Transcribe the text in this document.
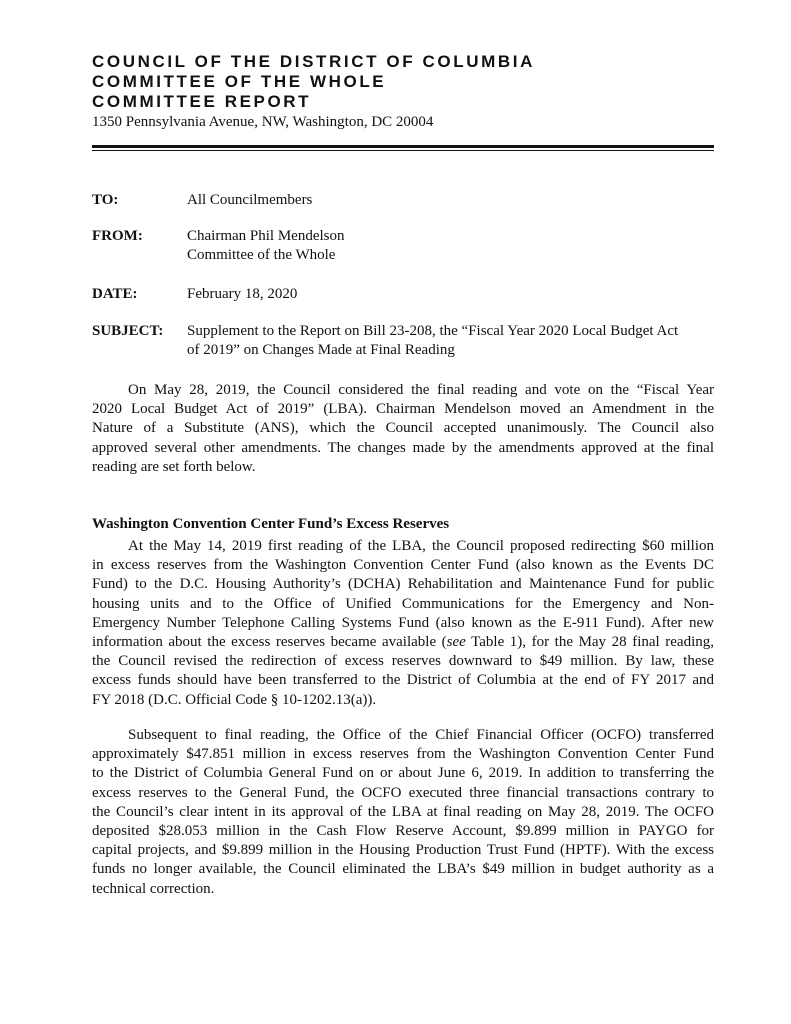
COUNCIL OF THE DISTRICT OF COLUMBIA
COMMITTEE OF THE WHOLE
COMMITTEE REPORT
1350 Pennsylvania Avenue, NW, Washington, DC 20004
TO:	All Councilmembers
FROM:	Chairman Phil Mendelson
Committee of the Whole
DATE:	February 18, 2020
SUBJECT: Supplement to the Report on Bill 23-208, the “Fiscal Year 2020 Local Budget Act
of 2019” on Changes Made at Final Reading
On May 28, 2019, the Council considered the final reading and vote on the “Fiscal Year
2020 Local Budget Act of 2019” (LBA). Chairman Mendelson moved an Amendment in the
Nature of a Substitute (ANS), which the Council accepted unanimously. The Council also
approved several other amendments. The changes made by the amendments approved at the final
reading are set forth below.
Washington Convention Center Fund’s Excess Reserves
At the May 14, 2019 first reading of the LBA, the Council proposed redirecting $60 million
in excess reserves from the Washington Convention Center Fund (also known as the Events DC
Fund) to the D.C. Housing Authority’s (DCHA) Rehabilitation and Maintenance Fund for public
housing units and to the Office of Unified Communications for the Emergency and Non-
Emergency Number Telephone Calling Systems Fund (also known as the E-911 Fund). After new
information about the excess reserves became available (see Table 1), for the May 28 final reading,
the Council revised the redirection of excess reserves downward to $49 million. By law, these
excess funds should have been transferred to the District of Columbia at the end of FY 2017 and
FY 2018 (D.C. Official Code § 10-1202.13(a)).
Subsequent to final reading, the Office of the Chief Financial Officer (OCFO) transferred
approximately $47.851 million in excess reserves from the Washington Convention Center Fund
to the District of Columbia General Fund on or about June 6, 2019. In addition to transferring the
excess reserves to the General Fund, the OCFO executed three financial transactions contrary to
the Council’s clear intent in its approval of the LBA at final reading on May 28, 2019. The OCFO
deposited $28.053 million in the Cash Flow Reserve Account, $9.899 million in PAYGO for
capital projects, and $9.899 million in the Housing Production Trust Fund (HPTF). With the excess
funds no longer available, the Council eliminated the LBA’s $49 million in budget authority as a
technical correction.
